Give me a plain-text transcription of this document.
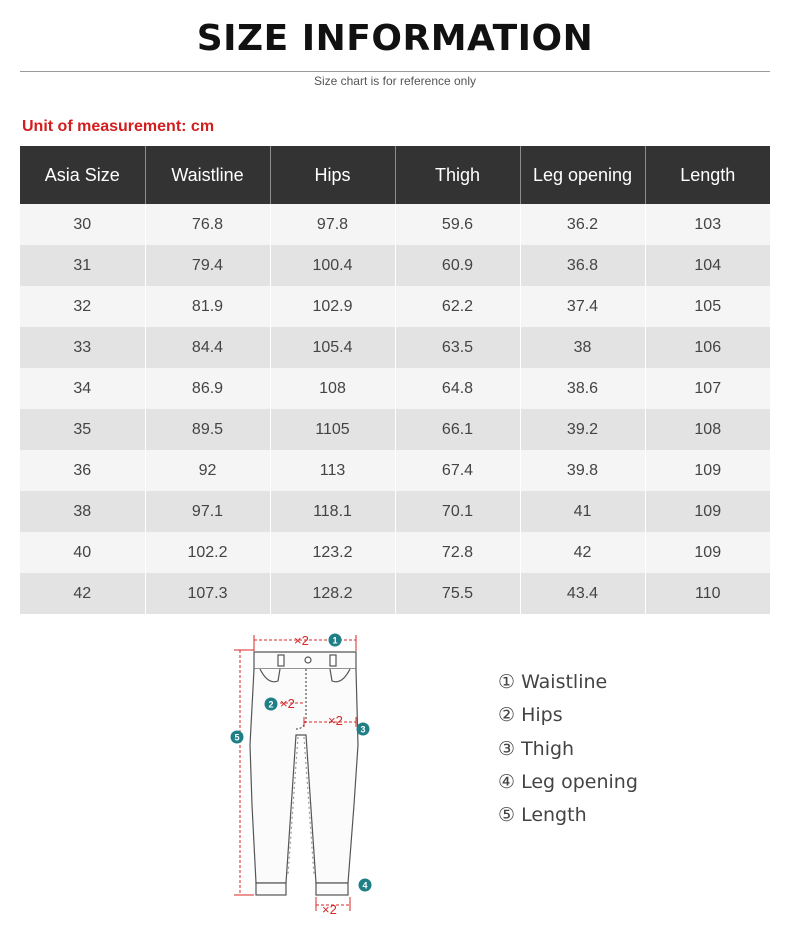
SIZE INFORMATION
Size chart is for reference only
Unit of measurement: cm
Asia Size	Waistline	Hips	Thigh	Leg opening	Length
30	76.8	97.8	59.6	36.2	103
31	79.4	100.4	60.9	36.8	104
32	81.9	102.9	62.2	37.4	105
33	84.4	105.4	63.5	38	106
34	86.9	108	64.8	38.6	107
35	89.5	1105	66.1	39.2	108
36	92	113	67.4	39.8	109
38	97.1	118.1	70.1	41	109
40	102.2	123.2	72.8	42	109
42	107.3	128.2	75.5	43.4	110
×2
×2
×2
×2
1
2
3
4
5
① Waistline
② Hips
③ Thigh
④ Leg opening
⑤ Length
